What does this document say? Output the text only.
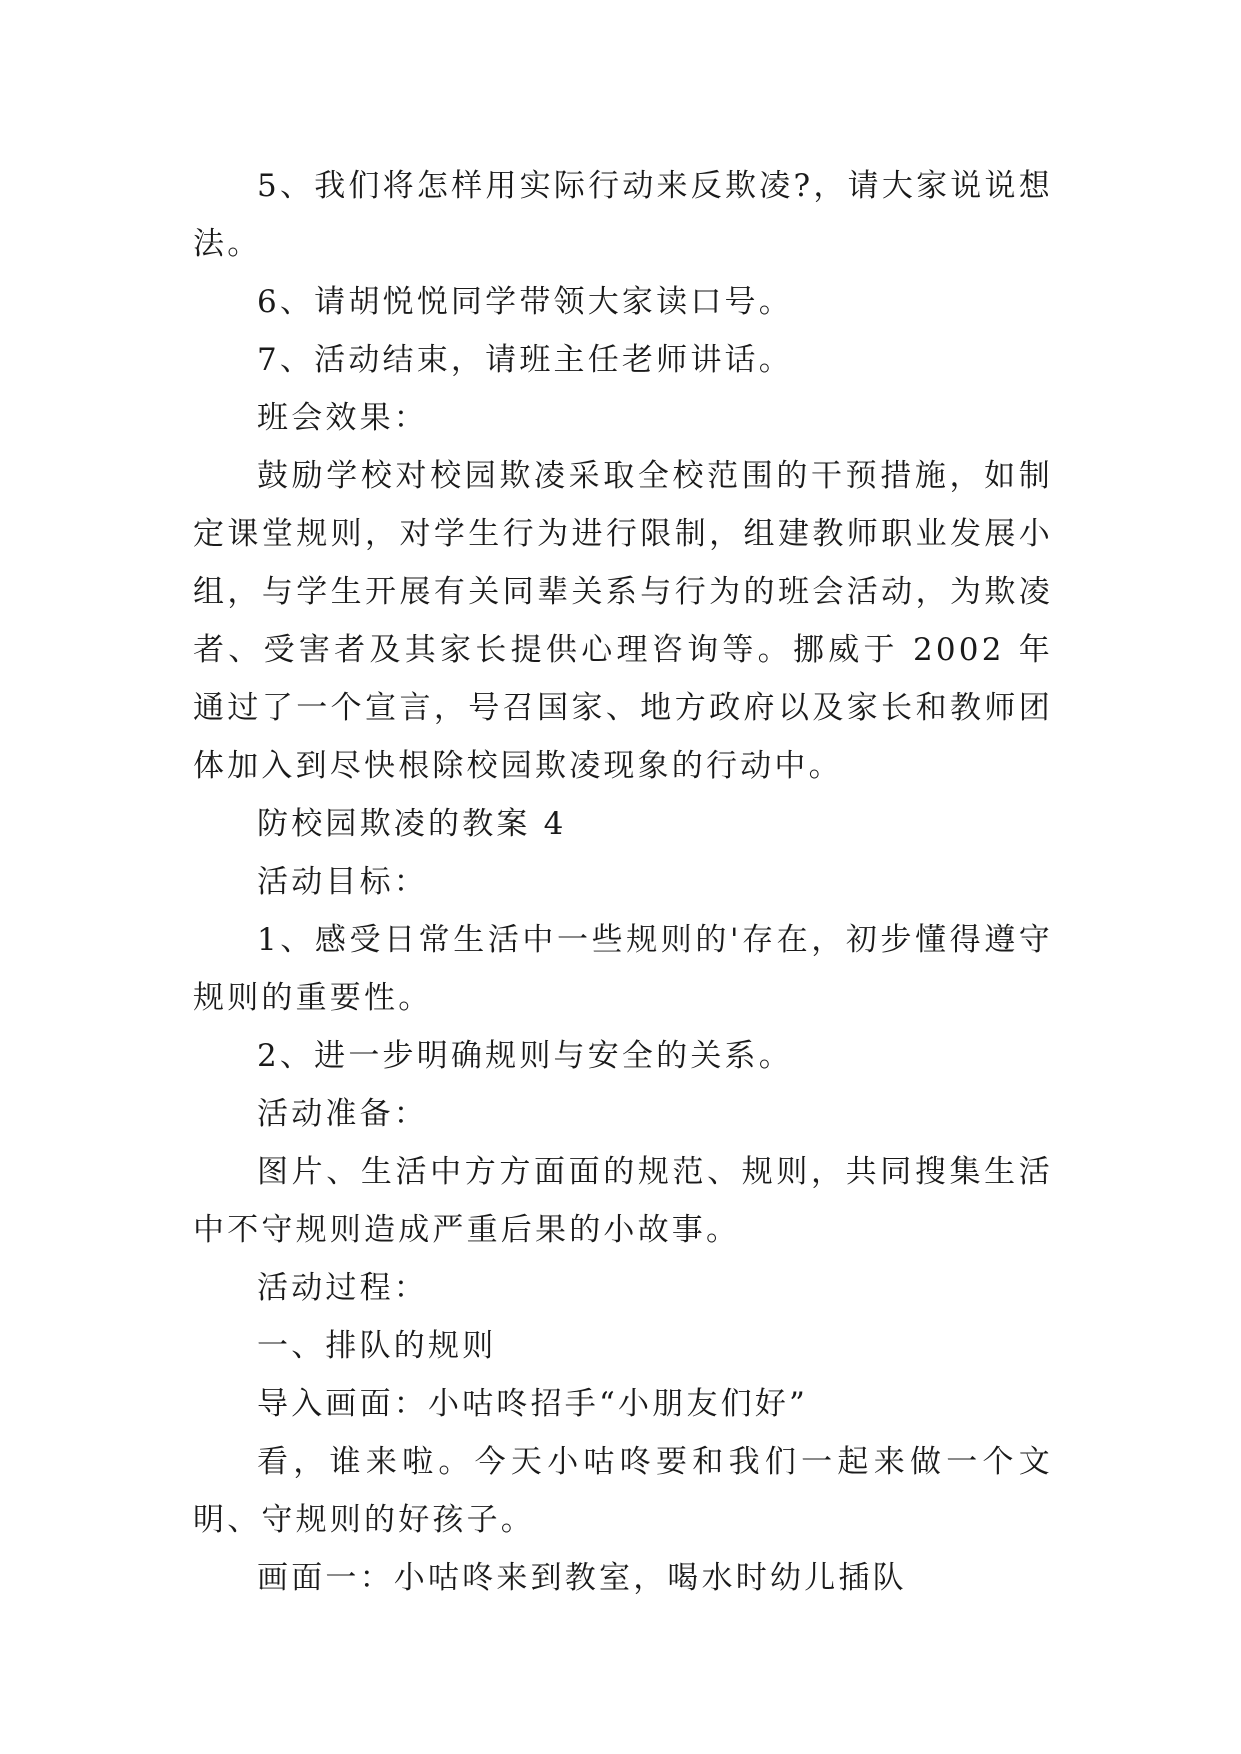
5、我们将怎样用实际行动来反欺凌?，请大家说说想法。

6、请胡悦悦同学带领大家读口号。

7、活动结束，请班主任老师讲话。

班会效果：

鼓励学校对校园欺凌采取全校范围的干预措施，如制定课堂规则，对学生行为进行限制，组建教师职业发展小组，与学生开展有关同辈关系与行为的班会活动，为欺凌者、受害者及其家长提供心理咨询等。挪威于 2002 年通过了一个宣言，号召国家、地方政府以及家长和教师团体加入到尽快根除校园欺凌现象的行动中。

防校园欺凌的教案 4

活动目标：

1、感受日常生活中一些规则的'存在，初步懂得遵守规则的重要性。

2、进一步明确规则与安全的关系。

活动准备：

图片、生活中方方面面的规范、规则，共同搜集生活中不守规则造成严重后果的小故事。

活动过程：

一、排队的规则

导入画面：小咕咚招手“小朋友们好”

看，谁来啦。今天小咕咚要和我们一起来做一个文明、守规则的好孩子。

画面一：小咕咚来到教室，喝水时幼儿插队
